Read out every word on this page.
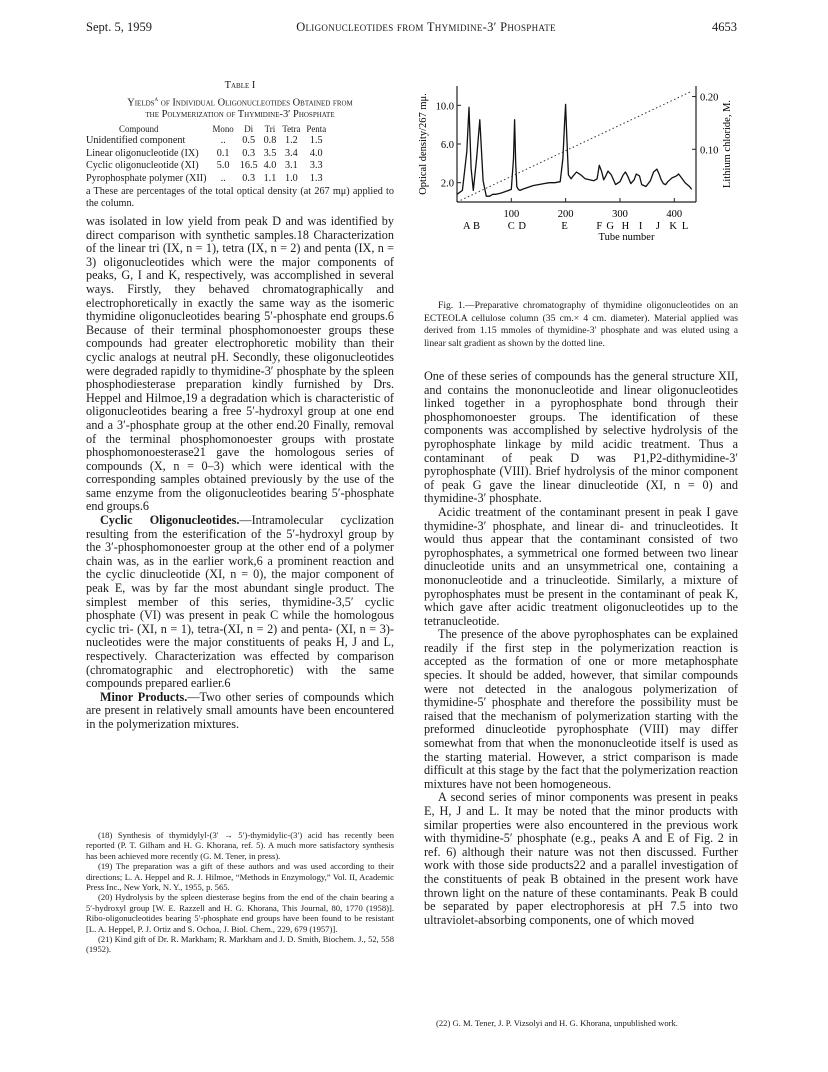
Sept. 5, 1959	Oligonucleotides from Thymidine-3′ Phosphate	4653
Table I
Yields$^a$ of Individual Oligonucleotides Obtained from
the Polymerization of Thymidine-3′ Phosphate
Compound	Mono	Di	Tri	Tetra	Penta
Unidentified component	..	0.5	0.8	1.2	1.5
Linear oligonucleotide (IX)	0.1	0.3	3.5	3.4	4.0
Cyclic oligonucleotide (XI)	5.0	16.5	4.0	3.1	3.3
Pyrophosphate polymer (XII)	..	0.3	1.1	1.0	1.3
a These are percentages of the total optical density (at 267 mμ) applied to the column.

was isolated in low yield from peak D and was identified by direct comparison with synthetic samples.18 Characterization of the linear tri (IX, n = 1), tetra (IX, n = 2) and penta (IX, n = 3) oligonucleotides which were the major components of peaks, G, I and K, respectively, was accomplished in several ways. Firstly, they behaved chromatographically and electrophoretically in exactly the same way as the isomeric thymidine oligonucleotides bearing 5′-phosphate end groups.6 Because of their terminal phosphomonoester groups these compounds had greater electrophoretic mobility than their cyclic analogs at neutral pH. Secondly, these oligonucleotides were degraded rapidly to thymidine-3′ phosphate by the spleen phosphodiesterase preparation kindly furnished by Drs. Heppel and Hilmoe,19 a degradation which is characteristic of oligonucleotides bearing a free 5′-hydroxyl group at one end and a 3′-phosphate group at the other end.20 Finally, removal of the terminal phosphomonoester groups with prostate phosphomonoesterase21 gave the homologous series of compounds (X, n = 0–3) which were identical with the corresponding samples obtained previously by the use of the same enzyme from the oligonucleotides bearing 5′-phosphate end groups.6

Cyclic Oligonucleotides.—Intramolecular cyclization resulting from the esterification of the 5′-hydroxyl group by the 3′-phosphomonoester group at the other end of a polymer chain was, as in the earlier work,6 a prominent reaction and the cyclic dinucleotide (XI, n = 0), the major component of peak E, was by far the most abundant single product. The simplest member of this series, thymidine-3,5′ cyclic phosphate (VI) was present in peak C while the homologous cyclic tri- (XI, n = 1), tetra-(XI, n = 2) and penta- (XI, n = 3)-nucleotides were the major constituents of peaks H, J and L, respectively. Characterization was effected by comparison (chromatographic and electrophoretic) with the same compounds prepared earlier.6

Minor Products.—Two other series of compounds which are present in relatively small amounts have been encountered in the polymerization mixtures.

(18) Synthesis of thymidylyl-(3′ → 5′)-thymidylic-(3′) acid has recently been reported (P. T. Gilham and H. G. Khorana, ref. 5). A much more satisfactory synthesis has been achieved more recently (G. M. Tener, in press).

(19) The preparation was a gift of these authors and was used according to their directions; L. A. Heppel and R. J. Hilmoe, “Methods in Enzymology,” Vol. II, Academic Press Inc., New York, N. Y., 1955, p. 565.

(20) Hydrolysis by the spleen diesterase begins from the end of the chain bearing a 5′-hydroxyl group [W. E. Razzell and H. G. Khorana, This Journal, 80, 1770 (1958)]. Ribo-oligonucleotides bearing 5′-phosphate end groups have been found to be resistant [L. A. Heppel, P. J. Ortiz and S. Ochoa, J. Biol. Chem., 229, 679 (1957)].

(21) Kind gift of Dr. R. Markham; R. Markham and J. D. Smith, Biochem. J., 52, 558 (1952).

10.0
6.0
2.0
0.20
0.10
100	200	300	400
A B	C D	E	F G H I J K L
Tube number
Optical density/267 mμ.	Lithium chloride, M.
Fig. 1.—Preparative chromatography of thymidine oligonucleotides on an ECTEOLA cellulose column (35 cm.× 4 cm. diameter). Material applied was derived from 1.15 mmoles of thymidine-3′ phosphate and was eluted using a linear salt gradient as shown by the dotted line.

One of these series of compounds has the general structure XII, and contains the mononucleotide and linear oligonucleotides linked together in a pyrophosphate bond through their phosphomonoester groups. The identification of these components was accomplished by selective hydrolysis of the pyrophosphate linkage by mild acidic treatment. Thus a contaminant of peak D was P1,P2-dithymidine-3′ pyrophosphate (VIII). Brief hydrolysis of the minor component of peak G gave the linear dinucleotide (XI, n = 0) and thymidine-3′ phosphate.

Acidic treatment of the contaminant present in peak I gave thymidine-3′ phosphate, and linear di- and trinucleotides. It would thus appear that the contaminant consisted of two pyrophosphates, a symmetrical one formed between two linear dinucleotide units and an unsymmetrical one, containing a mononucleotide and a trinucleotide. Similarly, a mixture of pyrophosphates must be present in the contaminant of peak K, which gave after acidic treatment oligonucleotides up to the tetranucleotide.

The presence of the above pyrophosphates can be explained readily if the first step in the polymerization reaction is accepted as the formation of one or more metaphosphate species. It should be added, however, that similar compounds were not detected in the analogous polymerization of thymidine-5′ phosphate and therefore the possibility must be raised that the mechanism of polymerization starting with the preformed dinucleotide pyrophosphate (VIII) may differ somewhat from that when the mononucleotide itself is used as the starting material. However, a strict comparison is made difficult at this stage by the fact that the polymerization reaction mixtures have not been homogeneous.

A second series of minor components was present in peaks E, H, J and L. It may be noted that the minor products with similar properties were also encountered in the previous work with thymidine-5′ phosphate (e.g., peaks A and E of Fig. 2 in ref. 6) although their nature was not then discussed. Further work with those side products22 and a parallel investigation of the constituents of peak B obtained in the present work have thrown light on the nature of these contaminants. Peak B could be separated by paper electrophoresis at pH 7.5 into two ultraviolet-absorbing components, one of which moved

(22) G. M. Tener, J. P. Vizsolyi and H. G. Khorana, unpublished work.
